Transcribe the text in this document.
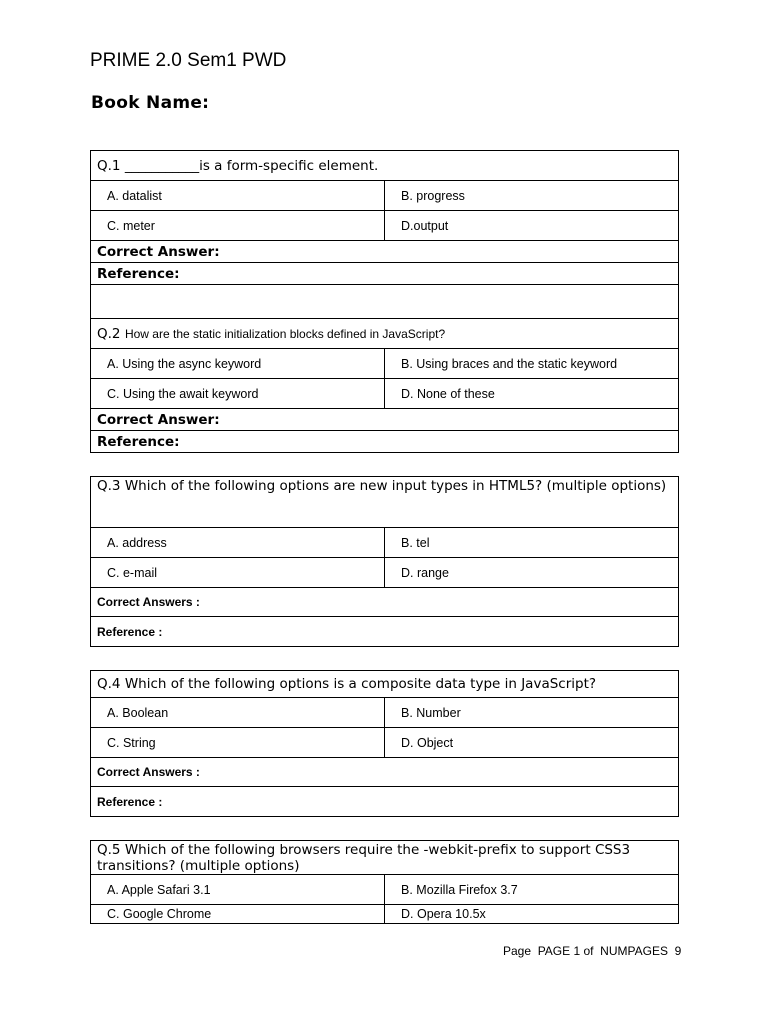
PRIME 2.0 Sem1 PWD
Book Name:
Q.1 ___________is a form-specific element.	
A. datalist	B. progress
C. meter	D.output
Correct Answer:	
Reference:	

Q.2 How are the static initialization blocks defined in JavaScript?	
A. Using the async keyword	B. Using braces and the static keyword
C. Using the await keyword	D. None of these
Correct Answer:	
Reference:	
Q.3 Which of the following options are new input types in HTML5? (multiple options)	
A. address	B. tel
C. e-mail	D. range
Correct Answers :	
Reference :	
Q.4 Which of the following options is a composite data type in JavaScript?	
A. Boolean	B. Number
C. String	D. Object
Correct Answers :	
Reference :	
Q.5 Which of the following browsers require the -webkit-prefix to support CSS3 transitions? (multiple options)	
A. Apple Safari 3.1	B. Mozilla Firefox 3.7
C. Google Chrome	D. Opera 10.5x
Page  PAGE 1 of  NUMPAGES  9
